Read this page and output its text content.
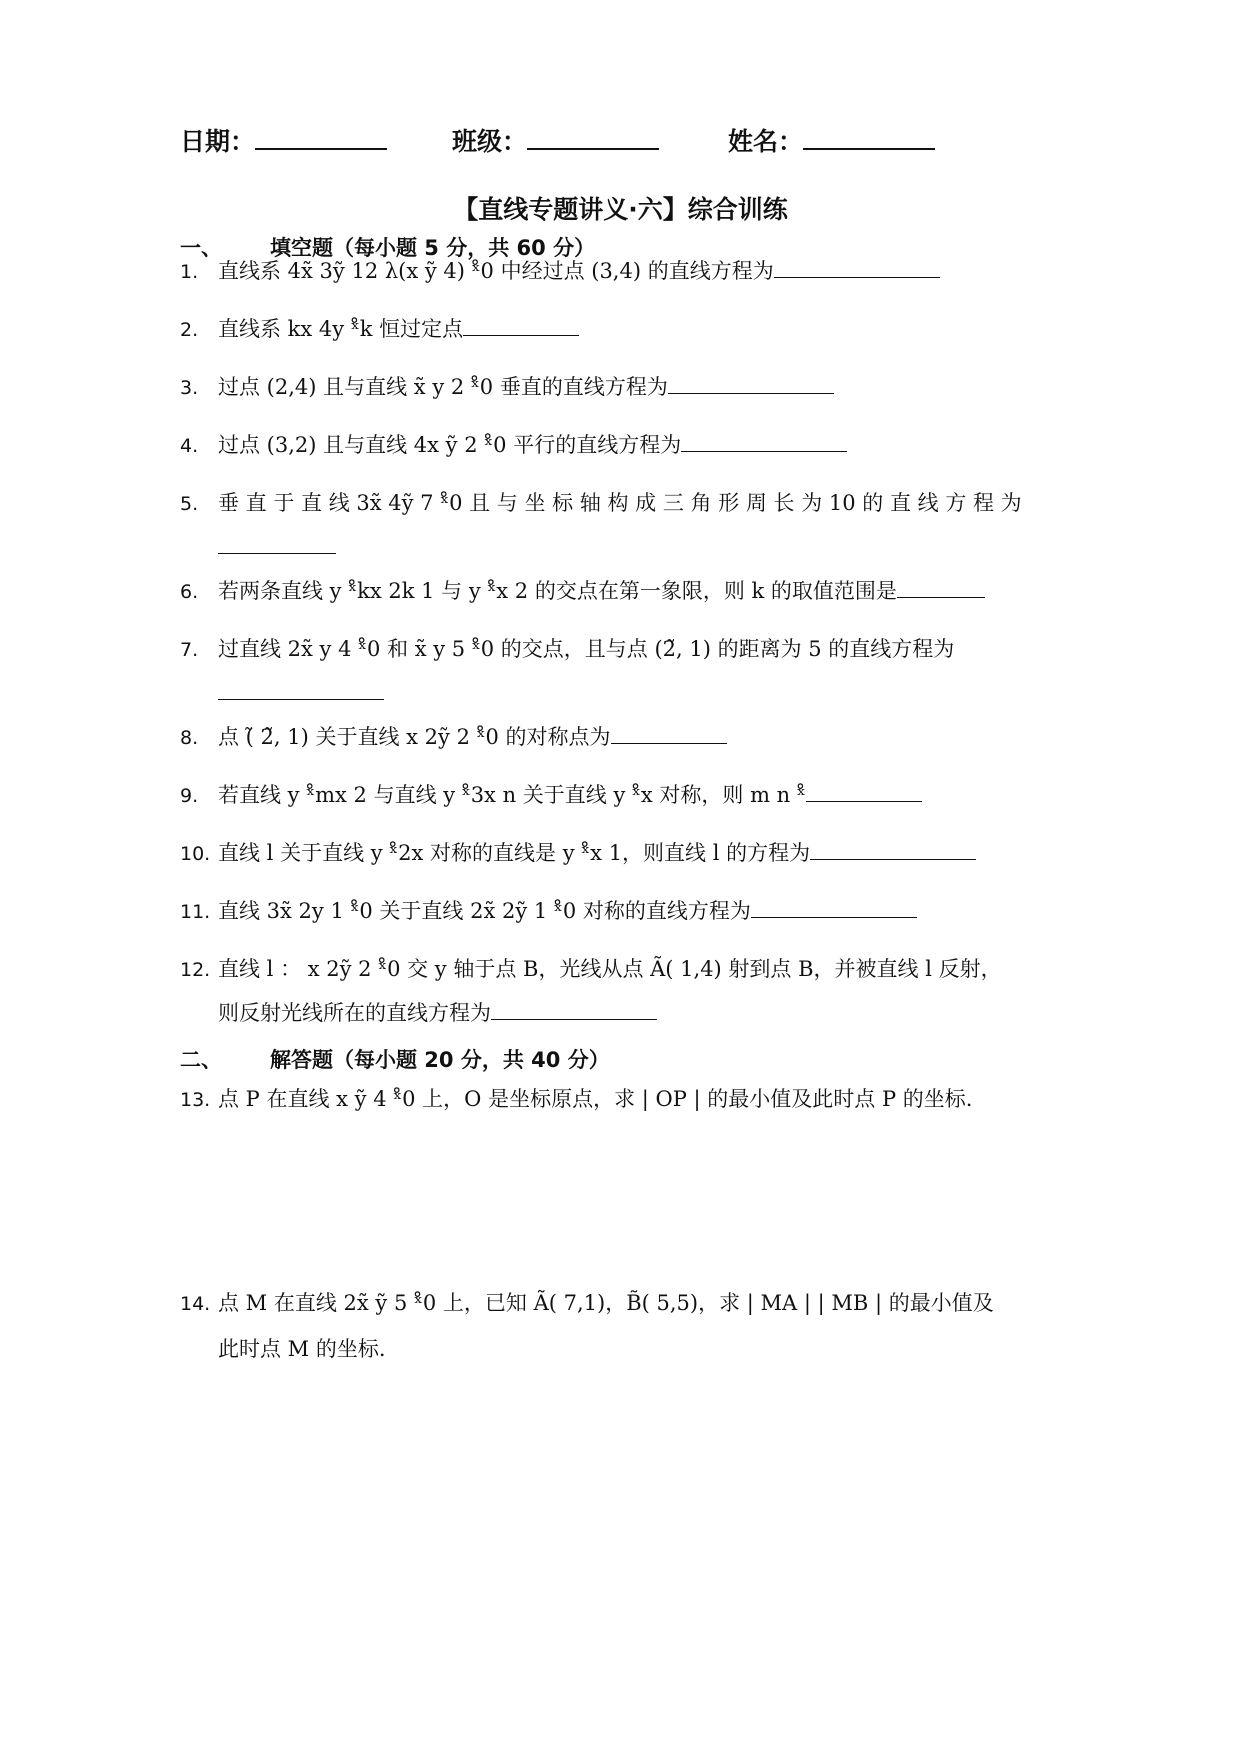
日期：	班级：	姓名：
【直线专题讲义·六】综合训练
一、 填空题（每小题 5 分，共 60 分）
1. 直线系 4x̃ 3ỹ 12 λ(x ỹ 4) ˣ̊0 中经过点 (3,4) 的直线方程为
2. 直线系 kx 4y ˣ̊k 恒过定点
3. 过点 (2,4) 且与直线 x̃ y 2 ˣ̊0 垂直的直线方程为
4. 过点 (3,2) 且与直线 4x ỹ 2 ˣ̊0 平行的直线方程为
5. 垂 直 于 直 线 3x̃ 4ỹ 7 ˣ̊0 且 与 坐 标 轴 构 成 三 角 形 周 长 为 10 的 直 线 方 程 为
6. 若两条直线 y ˣ̊kx 2k 1 与 y ˣ̊x 2 的交点在第一象限，则 k 的取值范围是
7. 过直线 2x̃ y 4 ˣ̊0 和 x̃ y 5 ˣ̊0 的交点，且与点 (2̃, 1) 的距离为 5 的直线方程为
8. 点 (̃ 2̃, 1) 关于直线 x 2ỹ 2 ˣ̊0 的对称点为
9. 若直线 y ˣ̊mx 2 与直线 y ˣ̊3x n 关于直线 y ˣ̊x 对称，则 m n ˣ̊
10. 直线 l 关于直线 y ˣ̊2x 对称的直线是 y ˣ̊x 1，则直线 l 的方程为
11. 直线 3x̃ 2y 1 ˣ̊0 关于直线 2x̃ 2ỹ 1 ˣ̊0 对称的直线方程为
12. 直线 l ： x 2ỹ 2 ˣ̊0 交 y 轴于点 B，光线从点 Ã( 1,4) 射到点 B，并被直线 l 反射，
则反射光线所在的直线方程为
二、 解答题（每小题 20 分，共 40 分）
13. 点 P 在直线 x ỹ 4 ˣ̊0 上，O 是坐标原点，求 | OP | 的最小值及此时点 P 的坐标.
14. 点 M 在直线 2x̃ ỹ 5 ˣ̊0 上，已知 Ã( 7,1)，B̃( 5,5)，求 | MA | | MB | 的最小值及
此时点 M 的坐标.
